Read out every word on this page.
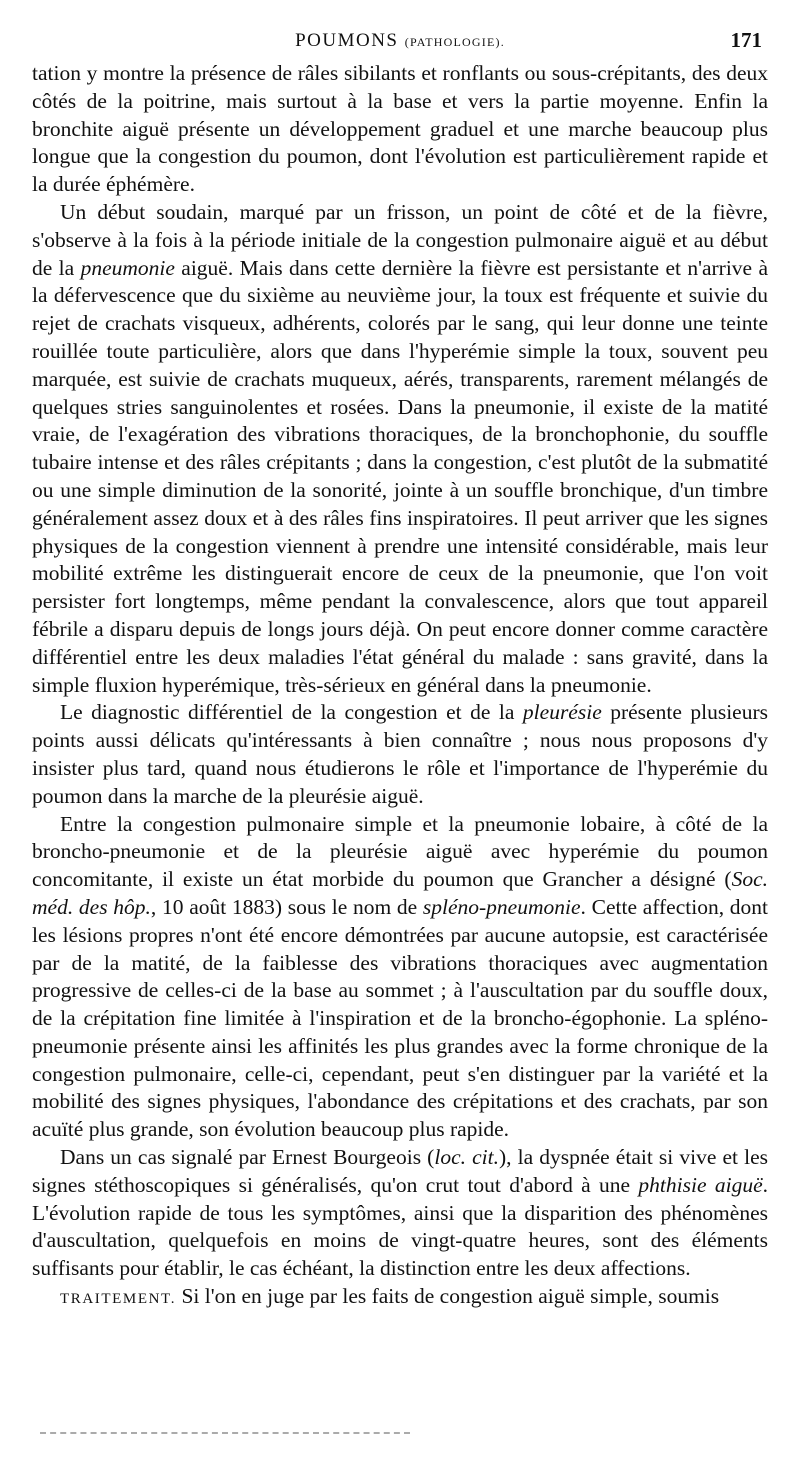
POUMONS (PATHOLOGIE).	171

tation y montre la présence de râles sibilants et ronflants ou sous-crépitants, des deux côtés de la poitrine, mais surtout à la base et vers la partie moyenne. Enfin la bronchite aiguë présente un développement graduel et une marche beaucoup plus longue que la congestion du poumon, dont l'évolution est particulièrement rapide et la durée éphémère.

Un début soudain, marqué par un frisson, un point de côté et de la fièvre, s'observe à la fois à la période initiale de la congestion pulmonaire aiguë et au début de la pneumonie aiguë. Mais dans cette dernière la fièvre est persistante et n'arrive à la défervescence que du sixième au neuvième jour, la toux est fréquente et suivie du rejet de crachats visqueux, adhérents, colorés par le sang, qui leur donne une teinte rouillée toute particulière, alors que dans l'hyperémie simple la toux, souvent peu marquée, est suivie de crachats muqueux, aérés, transparents, rarement mélangés de quelques stries sanguinolentes et rosées. Dans la pneumonie, il existe de la matité vraie, de l'exagération des vibrations thoraciques, de la bronchophonie, du souffle tubaire intense et des râles crépitants ; dans la congestion, c'est plutôt de la submatité ou une simple diminution de la sonorité, jointe à un souffle bronchique, d'un timbre généralement assez doux et à des râles fins inspiratoires. Il peut arriver que les signes physiques de la congestion viennent à prendre une intensité considérable, mais leur mobilité extrême les distinguerait encore de ceux de la pneumonie, que l'on voit persister fort longtemps, même pendant la convalescence, alors que tout appareil fébrile a disparu depuis de longs jours déjà. On peut encore donner comme caractère différentiel entre les deux maladies l'état général du malade : sans gravité, dans la simple fluxion hyperémique, très-sérieux en général dans la pneumonie.

Le diagnostic différentiel de la congestion et de la pleurésie présente plusieurs points aussi délicats qu'intéressants à bien connaître ; nous nous proposons d'y insister plus tard, quand nous étudierons le rôle et l'importance de l'hyperémie du poumon dans la marche de la pleurésie aiguë.

Entre la congestion pulmonaire simple et la pneumonie lobaire, à côté de la broncho-pneumonie et de la pleurésie aiguë avec hyperémie du poumon concomitante, il existe un état morbide du poumon que Grancher a désigné (Soc. méd. des hôp., 10 août 1883) sous le nom de spléno-pneumonie. Cette affection, dont les lésions propres n'ont été encore démontrées par aucune autopsie, est caractérisée par de la matité, de la faiblesse des vibrations thoraciques avec augmentation progressive de celles-ci de la base au sommet ; à l'auscultation par du souffle doux, de la crépitation fine limitée à l'inspiration et de la broncho-égophonie. La spléno-pneumonie présente ainsi les affinités les plus grandes avec la forme chronique de la congestion pulmonaire, celle-ci, cependant, peut s'en distinguer par la variété et la mobilité des signes physiques, l'abondance des crépitations et des crachats, par son acuïté plus grande, son évolution beaucoup plus rapide.

Dans un cas signalé par Ernest Bourgeois (loc. cit.), la dyspnée était si vive et les signes stéthoscopiques si généralisés, qu'on crut tout d'abord à une phthisie aiguë. L'évolution rapide de tous les symptômes, ainsi que la disparition des phénomènes d'auscultation, quelquefois en moins de vingt-quatre heures, sont des éléments suffisants pour établir, le cas échéant, la distinction entre les deux affections.

TRAITEMENT. Si l'on en juge par les faits de congestion aiguë simple, soumis
